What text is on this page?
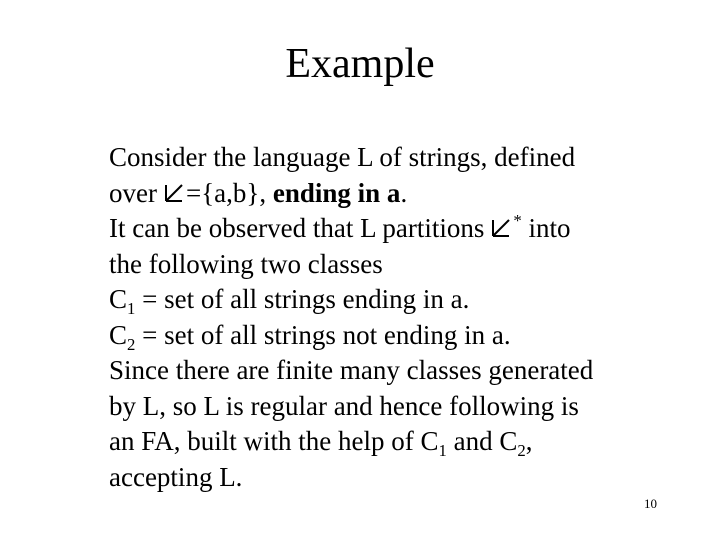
Example
Consider the language L of strings, defined
over ={a,b}, ending in a.
It can be observed that L partitions * into
the following two classes
$C_1$ = set of all strings ending in a.
$C_2$ = set of all strings not ending in a.
Since there are finite many classes generated
by L, so L is regular and hence following is
an FA, built with the help of $C_1$ and $C_2$,
accepting L.
10
